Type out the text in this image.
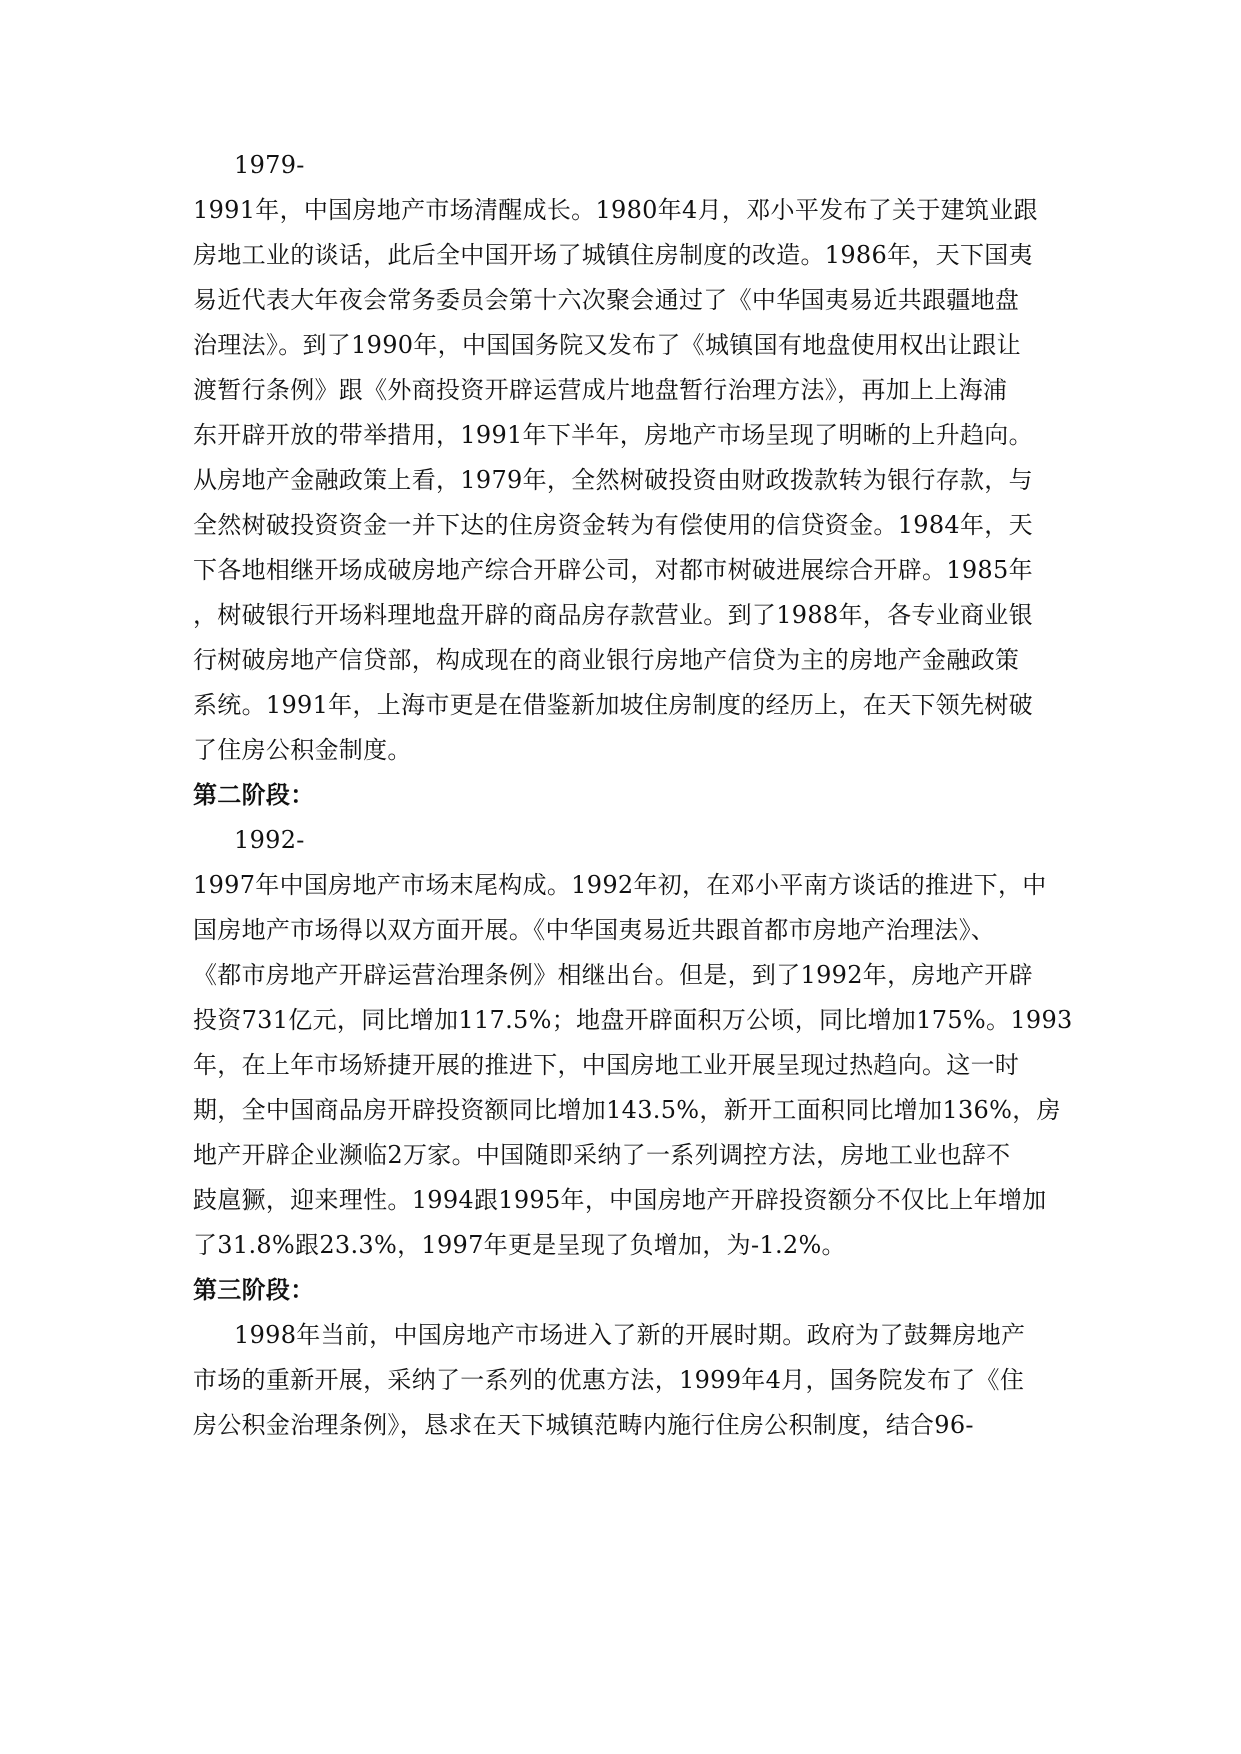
1979-
1991年，中国房地产市场清醒成长。1980年4月，邓小平发布了关于建筑业跟
房地工业的谈话，此后全中国开场了城镇住房制度的改造。1986年，天下国夷
易近代表大年夜会常务委员会第十六次聚会通过了《中华国夷易近共跟疆地盘
治理法》。到了1990年，中国国务院又发布了《城镇国有地盘使用权出让跟让
渡暂行条例》跟《外商投资开辟运营成片地盘暂行治理方法》，再加上上海浦
东开辟开放的带举措用，1991年下半年，房地产市场呈现了明晰的上升趋向。
从房地产金融政策上看，1979年，全然树破投资由财政拨款转为银行存款，与
全然树破投资资金一并下达的住房资金转为有偿使用的信贷资金。1984年，天
下各地相继开场成破房地产综合开辟公司，对都市树破进展综合开辟。1985年
，树破银行开场料理地盘开辟的商品房存款营业。到了1988年，各专业商业银
行树破房地产信贷部，构成现在的商业银行房地产信贷为主的房地产金融政策
系统。1991年，上海市更是在借鉴新加坡住房制度的经历上，在天下领先树破
了住房公积金制度。
第二阶段：
1992-
1997年中国房地产市场末尾构成。1992年初，在邓小平南方谈话的推进下，中
国房地产市场得以双方面开展。《中华国夷易近共跟首都市房地产治理法》、
《都市房地产开辟运营治理条例》相继出台。但是，到了1992年，房地产开辟
投资731亿元，同比增加117.5%；地盘开辟面积万公顷，同比增加175%。1993
年，在上年市场矫捷开展的推进下，中国房地工业开展呈现过热趋向。这一时
期，全中国商品房开辟投资额同比增加143.5%，新开工面积同比增加136%，房
地产开辟企业濒临2万家。中国随即采纳了一系列调控方法，房地工业也辞不
跂扈獗，迎来理性。1994跟1995年，中国房地产开辟投资额分不仅比上年增加
了31.8%跟23.3%，1997年更是呈现了负增加，为-1.2%。
第三阶段：
1998年当前，中国房地产市场进入了新的开展时期。政府为了鼓舞房地产
市场的重新开展，采纳了一系列的优惠方法，1999年4月，国务院发布了《住
房公积金治理条例》，恳求在天下城镇范畴内施行住房公积制度，结合96-
